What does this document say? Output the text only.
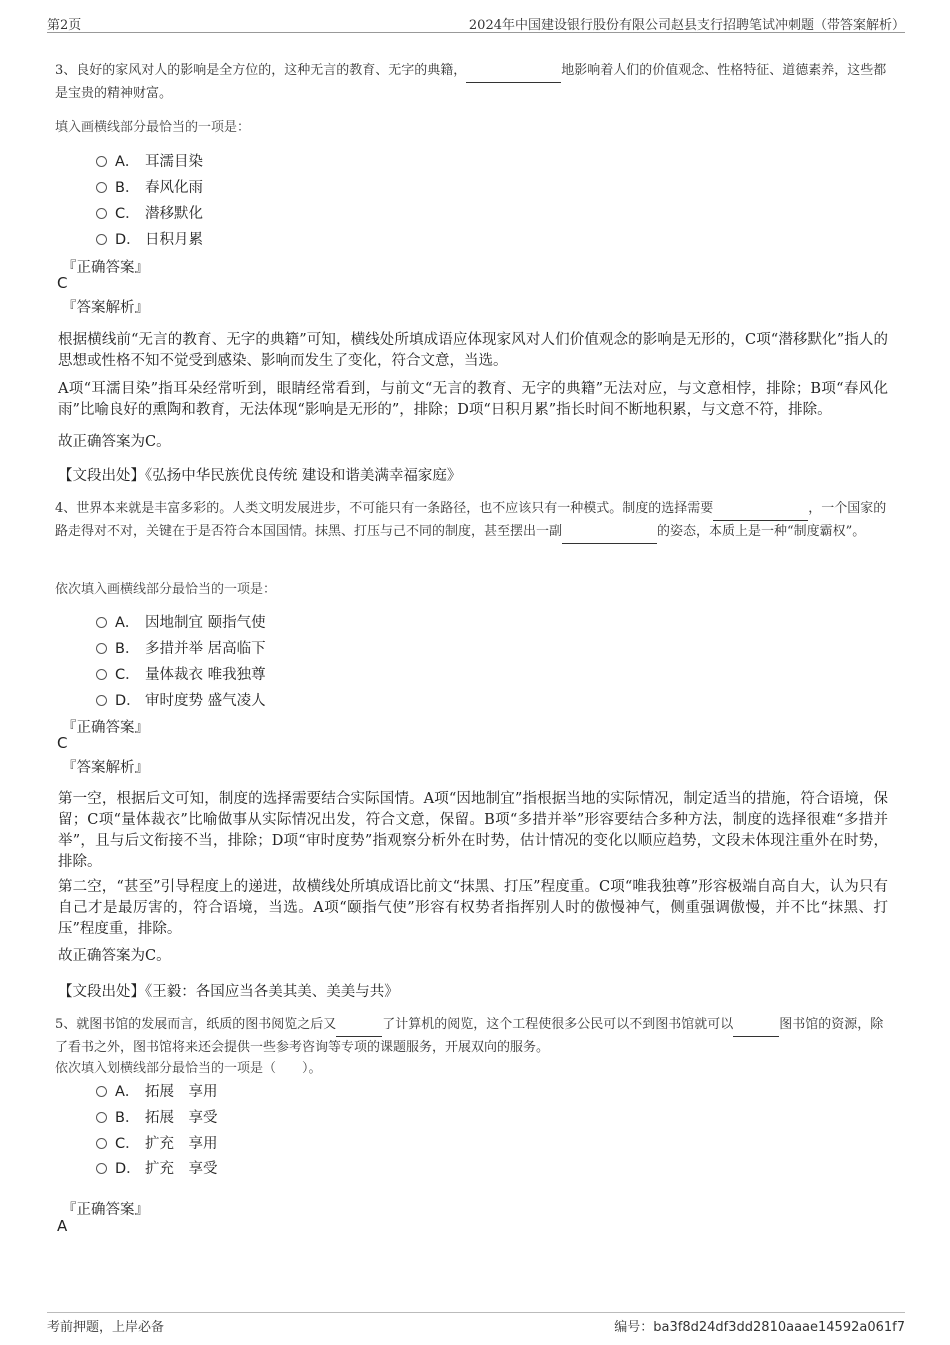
第2页	2024年中国建设银行股份有限公司赵县支行招聘笔试冲刺题（带答案解析）
3、良好的家风对人的影响是全方位的，这种无言的教育、无字的典籍，	地影响着人们的价值观念、性格特征、道德素养，这些都是宝贵的精神财富。
填入画横线部分最恰当的一项是：
A． 耳濡目染
B． 春风化雨
C． 潜移默化
D． 日积月累
『正确答案』
C
『答案解析』
根据横线前“无言的教育、无字的典籍”可知，横线处所填成语应体现家风对人们价值观念的影响是无形的，C项“潜移默化”指人的思想或性格不知不觉受到感染、影响而发生了变化，符合文意，当选。
A项“耳濡目染”指耳朵经常听到，眼睛经常看到，与前文“无言的教育、无字的典籍”无法对应，与文意相悖，排除；B项“春风化雨”比喻良好的熏陶和教育，无法体现“影响是无形的”，排除；D项“日积月累”指长时间不断地积累，与文意不符，排除。
故正确答案为C。
【文段出处】《弘扬中华民族优良传统 建设和谐美满幸福家庭》
4、世界本来就是丰富多彩的。人类文明发展进步，不可能只有一条路径，也不应该只有一种模式。制度的选择需要	，一个国家的路走得对不对，关键在于是否符合本国国情。抹黑、打压与己不同的制度，甚至摆出一副	的姿态，本质上是一种“制度霸权”。
依次填入画横线部分最恰当的一项是：
A． 因地制宜 颐指气使
B． 多措并举 居高临下
C． 量体裁衣 唯我独尊
D． 审时度势 盛气凌人
『正确答案』
C
『答案解析』
第一空，根据后文可知，制度的选择需要结合实际国情。A项“因地制宜”指根据当地的实际情况，制定适当的措施，符合语境，保留；C项“量体裁衣”比喻做事从实际情况出发，符合文意，保留。B项“多措并举”形容要结合多种方法，制度的选择很难“多措并举”，且与后文衔接不当，排除；D项“审时度势”指观察分析外在时势，估计情况的变化以顺应趋势，文段未体现注重外在时势，排除。
第二空，“甚至”引导程度上的递进，故横线处所填成语比前文“抹黑、打压”程度重。C项“唯我独尊”形容极端自高自大，认为只有自己才是最厉害的，符合语境，当选。A项“颐指气使”形容有权势者指挥别人时的傲慢神气，侧重强调傲慢，并不比“抹黑、打压”程度重，排除。
故正确答案为C。
【文段出处】《王毅：各国应当各美其美、美美与共》
5、就图书馆的发展而言，纸质的图书阅览之后又	了计算机的阅览，这个工程使很多公民可以不到图书馆就可以	图书馆的资源，除了看书之外，图书馆将来还会提供一些参考咨询等专项的课题服务，开展双向的服务。
依次填入划横线部分最恰当的一项是（　　）。
A． 拓展　享用
B． 拓展　享受
C． 扩充　享用
D． 扩充　享受
『正确答案』
A
考前押题，上岸必备	编号：ba3f8d24df3dd2810aaae14592a061f7
